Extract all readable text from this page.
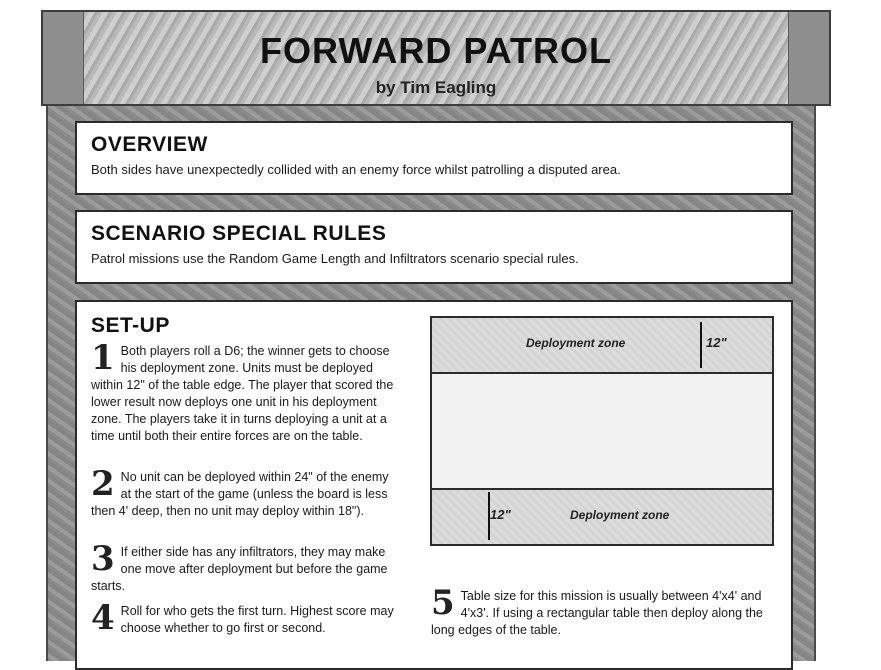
FORWARD PATROL

by Tim Eagling

OVERVIEW

Both sides have unexpectedly collided with an enemy force whilst patrolling a disputed area.

SCENARIO SPECIAL RULES

Patrol missions use the Random Game Length and Infiltrators scenario special rules.

SET-UP
1 Both players roll a D6; the winner gets to choose his deployment zone. Units must be deployed within 12" of the table edge. The player that scored the lower result now deploys one unit in his deployment zone. The players take it in turns deploying a unit at a time until both their entire forces are on the table.
2 No unit can be deployed within 24" of the enemy at the start of the game (unless the board is less then 4' deep, then no unit may deploy within 18").
3 If either side has any infiltrators, they may make one move after deployment but before the game starts.
4 Roll for who gets the first turn. Highest score may choose whether to go first or second.
5 Table size for this mission is usually between 4'x4' and 4'x3'. If using a rectangular table then deploy along the long edges of the table.
Deployment zone	12"
12"	Deployment zone
